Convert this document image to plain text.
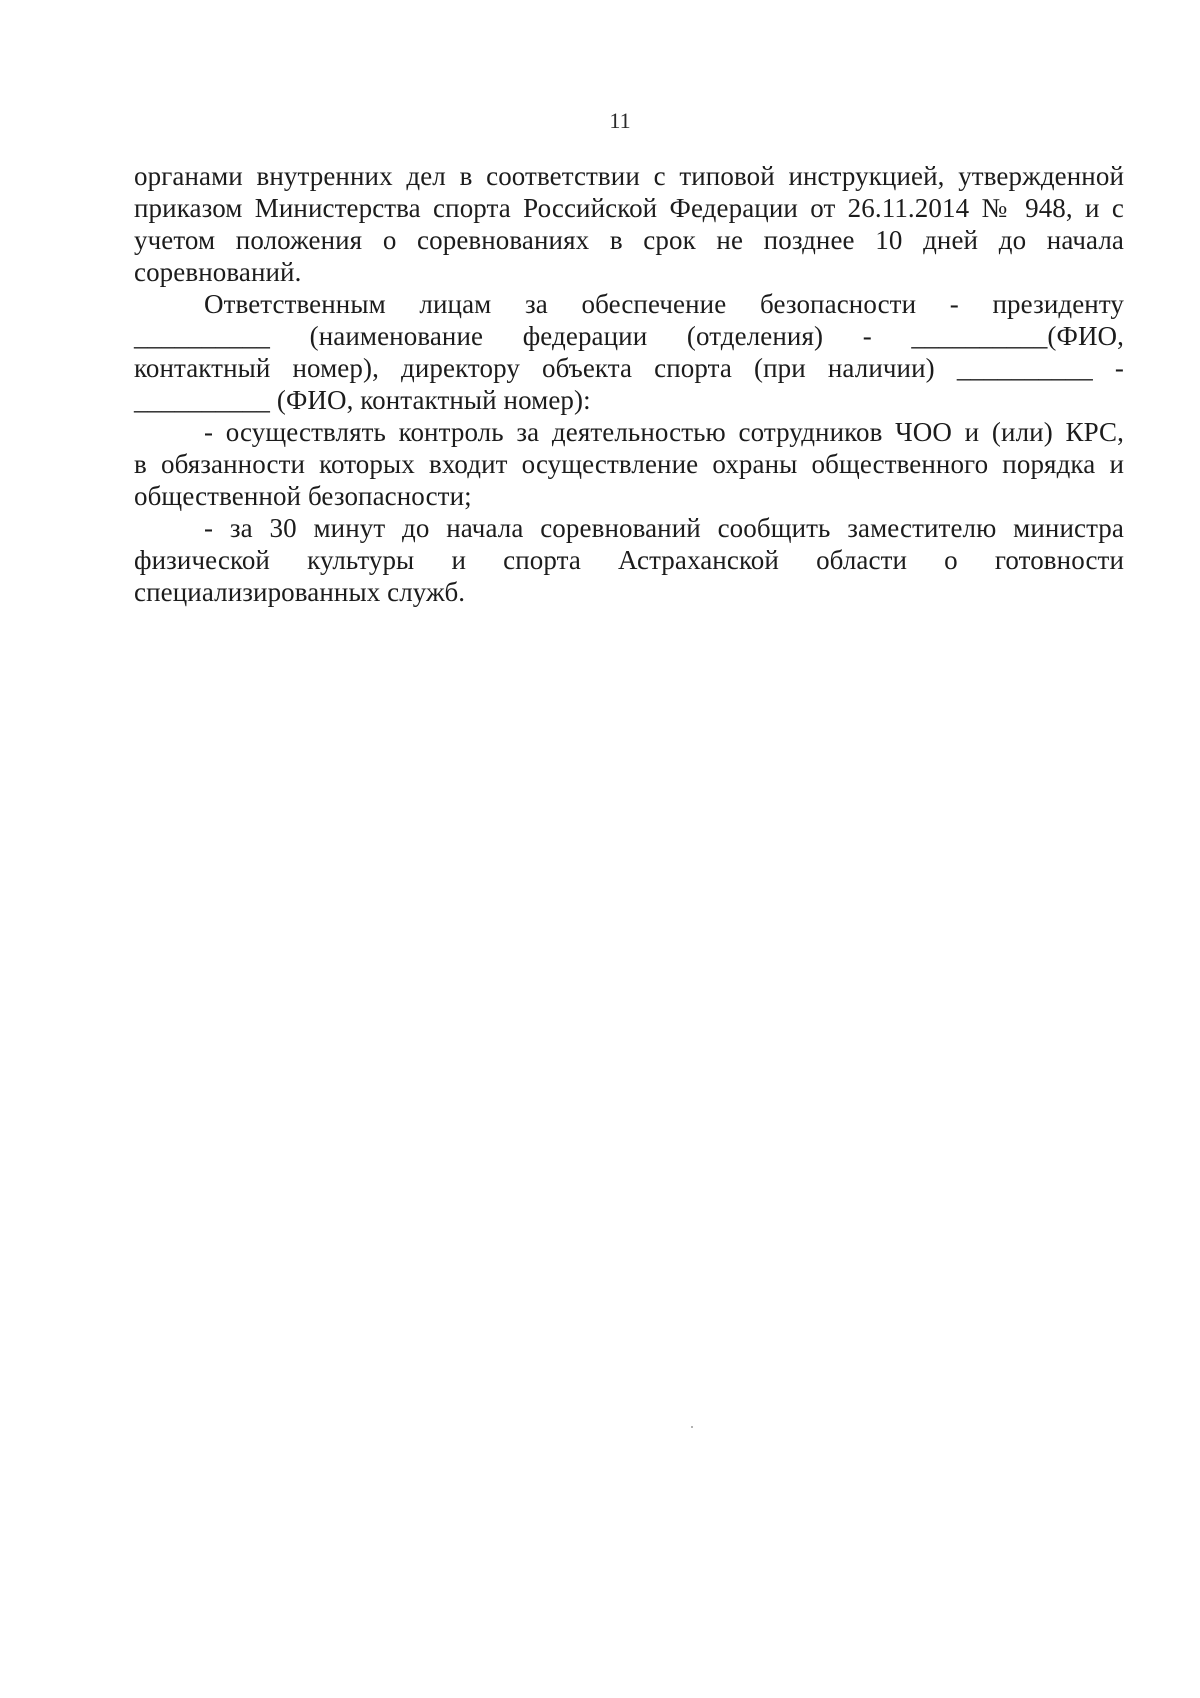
11
органами внутренних дел в соответствии с типовой инструкцией, утвержденной
приказом Министерства спорта Российской Федерации от 26.11.2014 № 948, и с
учетом положения о соревнованиях в срок не позднее 10 дней до начала
соревнований.
Ответственным лицам за обеспечение безопасности - президенту
__________ (наименование федерации (отделения) - __________(ФИО,
контактный номер), директору объекта спорта (при наличии) __________ -
__________ (ФИО, контактный номер):
- осуществлять контроль за деятельностью сотрудников ЧОО и (или) КРС,
в обязанности которых входит осуществление охраны общественного порядка и
общественной безопасности;
- за 30 минут до начала соревнований сообщить заместителю министра
физической культуры и спорта Астраханской области о готовности
специализированных служб.
